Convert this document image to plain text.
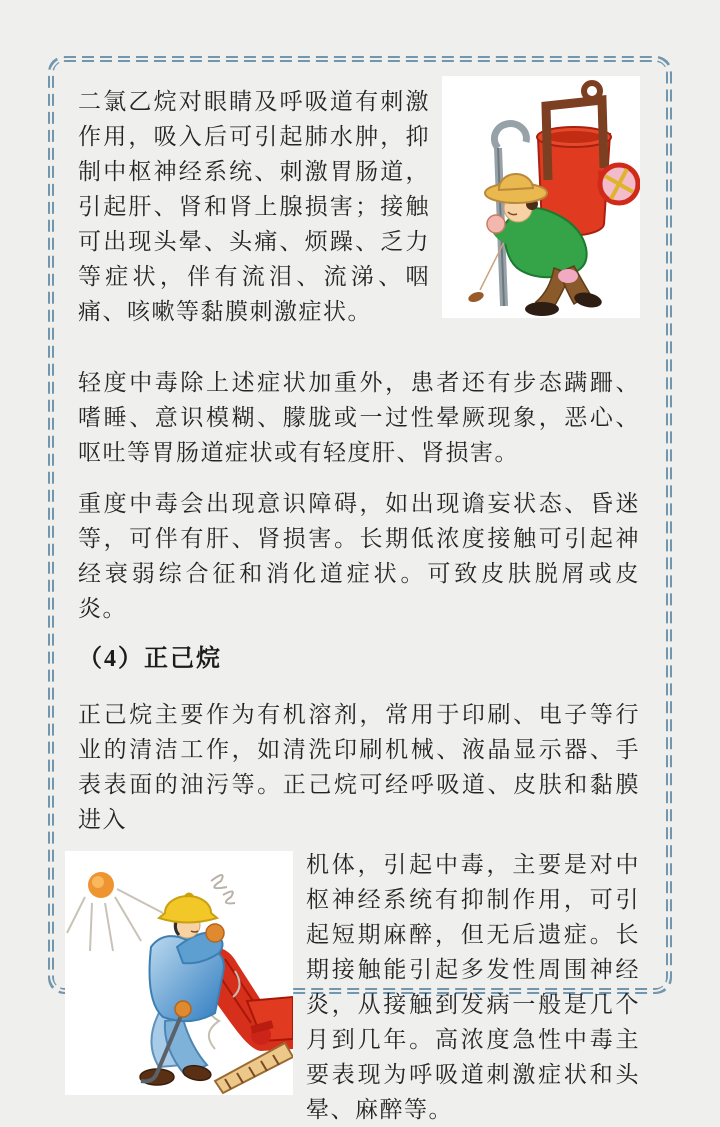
二氯乙烷对眼睛及呼吸道有刺激作用，吸入后可引起肺水肿，抑制中枢神经系统、刺激胃肠道，引起肝、肾和肾上腺损害；接触可出现头晕、头痛、烦躁、乏力等症状，伴有流泪、流涕、咽痛、咳嗽等黏膜刺激症状。
轻度中毒除上述症状加重外，患者还有步态蹒跚、嗜睡、意识模糊、朦胧或一过性晕厥现象，恶心、呕吐等胃肠道症状或有轻度肝、肾损害。
重度中毒会出现意识障碍，如出现谵妄状态、昏迷等，可伴有肝、肾损害。长期低浓度接触可引起神经衰弱综合征和消化道症状。可致皮肤脱屑或皮炎。
（4）正己烷
正己烷主要作为有机溶剂，常用于印刷、电子等行业的清洁工作，如清洗印刷机械、液晶显示器、手表表面的油污等。正己烷可经呼吸道、皮肤和黏膜进入
机体，引起中毒，主要是对中枢神经系统有抑制作用，可引起短期麻醉，但无后遗症。长期接触能引起多发性周围神经炎，从接触到发病一般是几个月到几年。高浓度急性中毒主要表现为呼吸道刺激症状和头晕、麻醉等。
